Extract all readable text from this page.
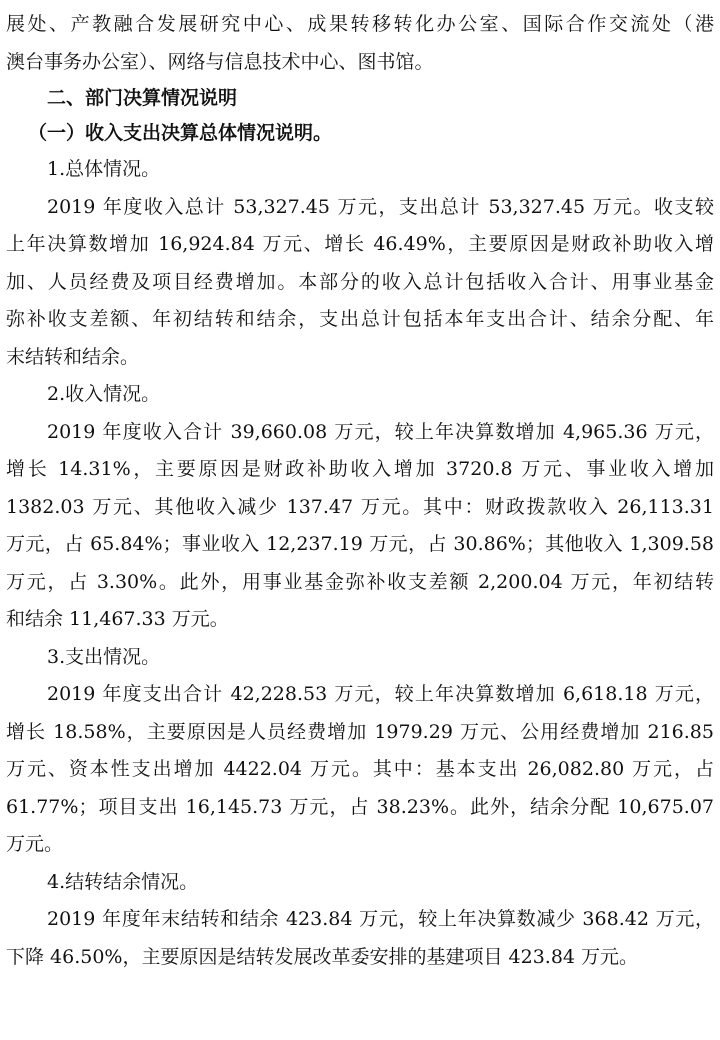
展处、产教融合发展研究中心、成果转移转化办公室、国际合作交流处（港
澳台事务办公室）、网络与信息技术中心、图书馆。
二、部门决算情况说明
（一）收入支出决算总体情况说明。
1.总体情况。
2019 年度收入总计 53,327.45 万元，支出总计 53,327.45 万元。收支较
上年决算数增加 16,924.84 万元、增长 46.49%，主要原因是财政补助收入增
加、人员经费及项目经费增加。本部分的收入总计包括收入合计、用事业基金
弥补收支差额、年初结转和结余，支出总计包括本年支出合计、结余分配、年
末结转和结余。
2.收入情况。
2019 年度收入合计 39,660.08 万元，较上年决算数增加 4,965.36 万元，
增长 14.31%，主要原因是财政补助收入增加 3720.8 万元、事业收入增加
1382.03 万元、其他收入减少 137.47 万元。其中：财政拨款收入 26,113.31
万元，占 65.84%；事业收入 12,237.19 万元，占 30.86%；其他收入 1,309.58
万元，占 3.30%。此外，用事业基金弥补收支差额 2,200.04 万元，年初结转
和结余 11,467.33 万元。
3.支出情况。
2019 年度支出合计 42,228.53 万元，较上年决算数增加 6,618.18 万元，
增长 18.58%，主要原因是人员经费增加 1979.29 万元、公用经费增加 216.85
万元、资本性支出增加 4422.04 万元。其中：基本支出 26,082.80 万元，占
61.77%；项目支出 16,145.73 万元，占 38.23%。此外，结余分配 10,675.07
万元。
4.结转结余情况。
2019 年度年末结转和结余 423.84 万元，较上年决算数减少 368.42 万元，
下降 46.50%，主要原因是结转发展改革委安排的基建项目 423.84 万元。
